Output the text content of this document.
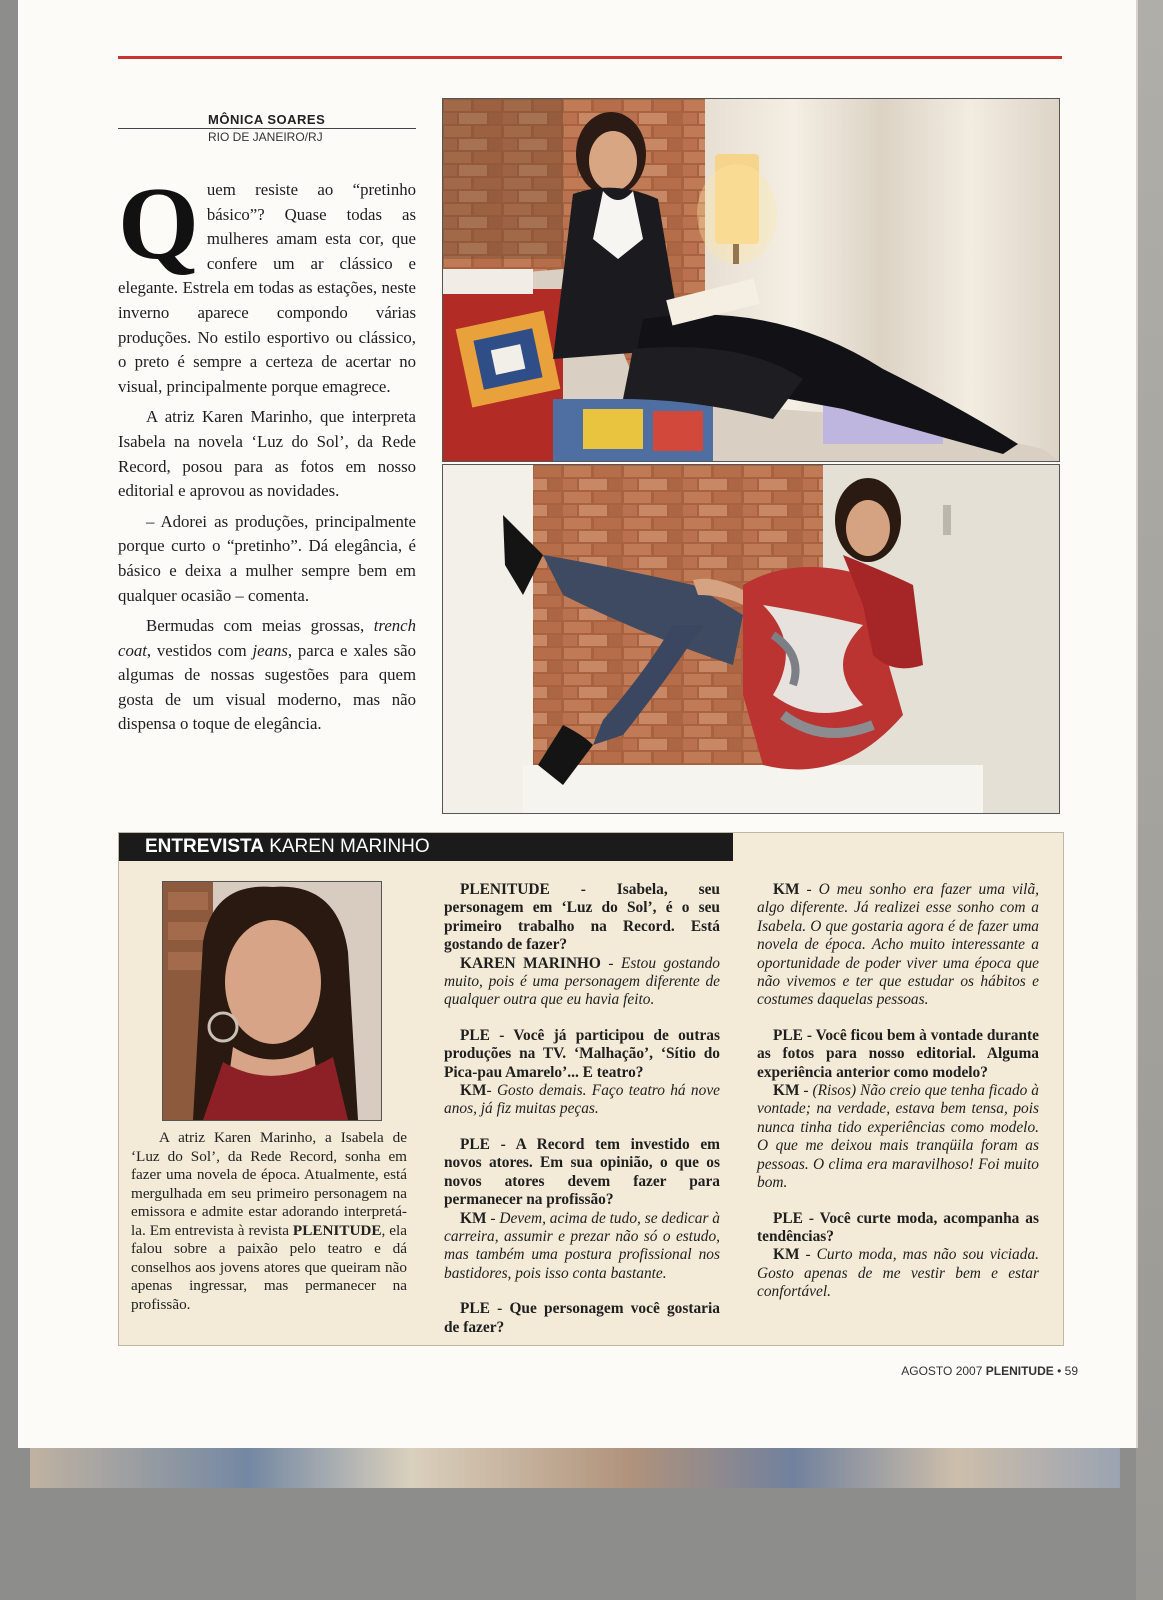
MÔNICA SOARES
RIO DE JANEIRO/RJ

Quem resiste ao “pretinho básico”? Quase todas as mulheres amam esta cor, que confere um ar clássico e elegante. Estrela em todas as estações, neste inverno aparece compondo várias produções. No estilo esportivo ou clássico, o preto é sempre a certeza de acertar no visual, principalmente porque emagrece.

A atriz Karen Marinho, que interpreta Isabela na novela ‘Luz do Sol’, da Rede Record, posou para as fotos em nosso editorial e aprovou as novidades.

– Adorei as produções, principalmente porque curto o “pretinho”. Dá elegância, é básico e deixa a mulher sempre bem em qualquer ocasião – comenta.

Bermudas com meias grossas, trench coat, vestidos com jeans, parca e xales são algumas de nossas sugestões para quem gosta de um visual moderno, mas não dispensa o toque de elegância.

ENTREVISTA KAREN MARINHO

A atriz Karen Marinho, a Isabela de ‘Luz do Sol’, da Rede Record, sonha em fazer uma novela de época. Atualmente, está mergulhada em seu primeiro personagem na emissora e admite estar adorando interpretá-la. Em entrevista à revista PLENITUDE, ela falou sobre a paixão pelo teatro e dá conselhos aos jovens atores que queiram não apenas ingressar, mas permanecer na profissão.

PLENITUDE - Isabela, seu personagem em ‘Luz do Sol’, é o seu primeiro trabalho na Record. Está gostando de fazer?

KAREN MARINHO - Estou gostando muito, pois é uma personagem diferente de qualquer outra que eu havia feito.

PLE - Você já participou de outras produções na TV. ‘Malhação’, ‘Sítio do Pica-pau Amarelo’... E teatro?

KM- Gosto demais. Faço teatro há nove anos, já fiz muitas peças.

PLE - A Record tem investido em novos atores. Em sua opinião, o que os novos atores devem fazer para permanecer na profissão?

KM - Devem, acima de tudo, se dedicar à carreira, assumir e prezar não só o estudo, mas também uma postura profissional nos bastidores, pois isso conta bastante.

PLE - Que personagem você gostaria de fazer?

KM - O meu sonho era fazer uma vilã, algo diferente. Já realizei esse sonho com a Isabela. O que gostaria agora é de fazer uma novela de época. Acho muito interessante a oportunidade de poder viver uma época que não vivemos e ter que estudar os hábitos e costumes daquelas pessoas.

PLE - Você ficou bem à vontade durante as fotos para nosso editorial. Alguma experiência anterior como modelo?

KM - (Risos) Não creio que tenha ficado à vontade; na verdade, estava bem tensa, pois nunca tinha tido experiências como modelo. O que me deixou mais tranqüila foram as pessoas. O clima era maravilhoso! Foi muito bom.

PLE - Você curte moda, acompanha as tendências?

KM - Curto moda, mas não sou viciada. Gosto apenas de me vestir bem e estar confortável.

AGOSTO 2007 PLENITUDE • 59
